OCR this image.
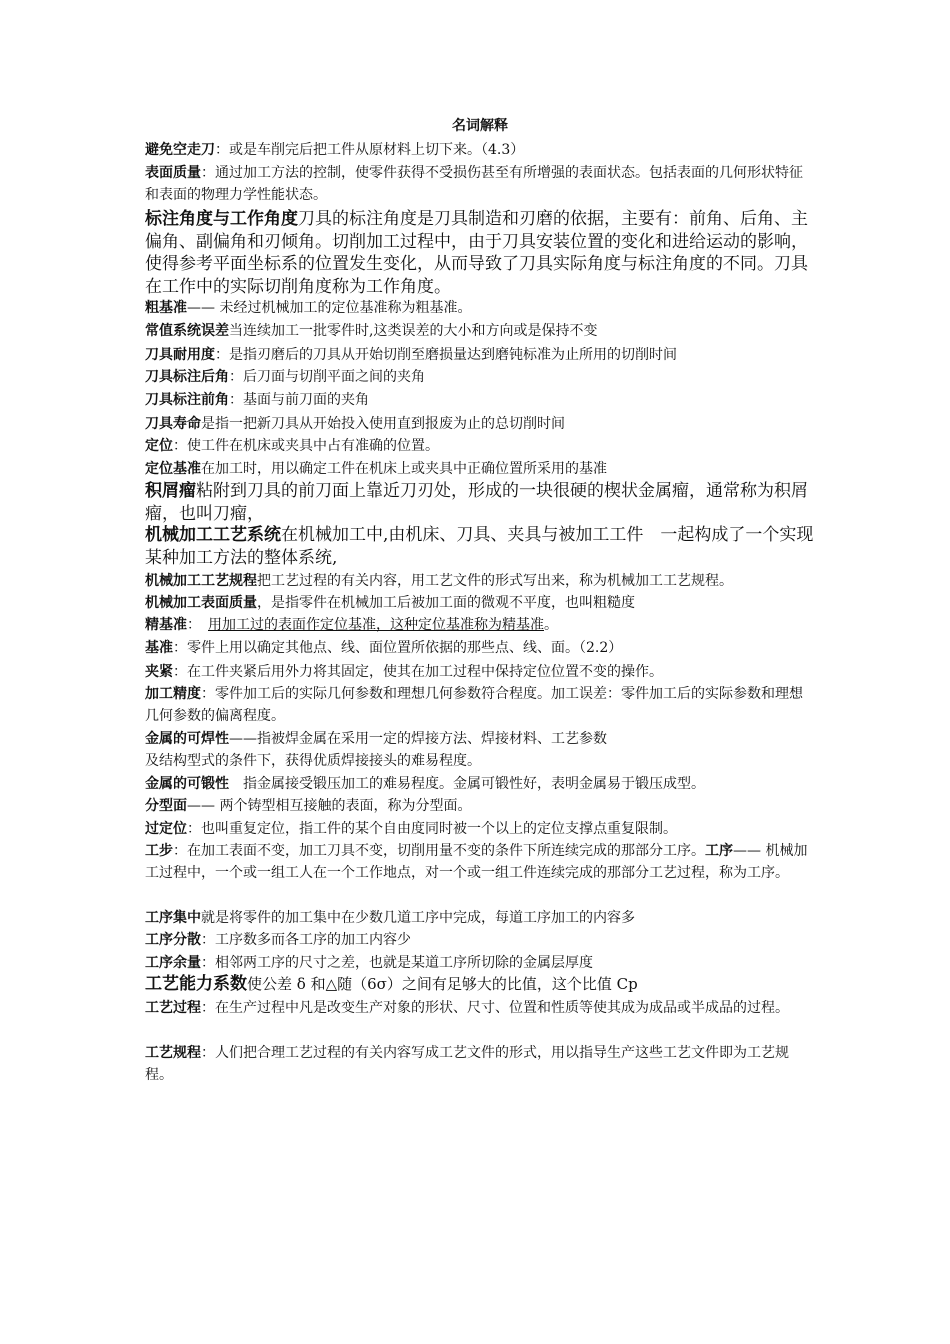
名词解释

避免空走刀：或是车削完后把工件从原材料上切下来。（4.3）

表面质量：通过加工方法的控制，使零件获得不受损伤甚至有所增强的表面状态。包括表面的几何形状特征和表面的物理力学性能状态。

标注角度与工作角度刀具的标注角度是刀具制造和刃磨的依据，主要有：前角、后角、主偏角、副偏角和刃倾角。切削加工过程中，由于刀具安装位置的变化和进给运动的影响，使得参考平面坐标系的位置发生变化，从而导致了刀具实际角度与标注角度的不同。刀具在工作中的实际切削角度称为工作角度。

粗基准—— 未经过机械加工的定位基准称为粗基准。

常值系统误差当连续加工一批零件时,这类误差的大小和方向或是保持不变

刀具耐用度：是指刃磨后的刀具从开始切削至磨损量达到磨钝标准为止所用的切削时间

刀具标注后角：后刀面与切削平面之间的夹角

刀具标注前角：基面与前刀面的夹角

刀具寿命是指一把新刀具从开始投入使用直到报废为止的总切削时间

定位：使工件在机床或夹具中占有准确的位置。

定位基准在加工时，用以确定工件在机床上或夹具中正确位置所采用的基准

积屑瘤粘附到刀具的前刀面上靠近刀刃处，形成的一块很硬的楔状金属瘤，通常称为积屑瘤，也叫刀瘤，

机械加工工艺系统在机械加工中,由机床、刀具、夹具与被加工工件　一起构成了一个实现某种加工方法的整体系统,

机械加工工艺规程把工艺过程的有关内容，用工艺文件的形式写出来，称为机械加工工艺规程。

机械加工表面质量，是指零件在机械加工后被加工面的微观不平度，也叫粗糙度

精基准：　用加工过的表面作定位基准，这种定位基准称为精基准。

基准：零件上用以确定其他点、线、面位置所依据的那些点、线、面。（2.2）

夹紧：在工件夹紧后用外力将其固定，使其在加工过程中保持定位位置不变的操作。

加工精度：零件加工后的实际几何参数和理想几何参数符合程度。加工误差：零件加工后的实际参数和理想几何参数的偏离程度。

金属的可焊性——指被焊金属在采用一定的焊接方法、焊接材料、工艺参数

及结构型式的条件下，获得优质焊接接头的难易程度。

金属的可锻性　指金属接受锻压加工的难易程度。金属可锻性好，表明金属易于锻压成型。

分型面—— 两个铸型相互接触的表面，称为分型面。

过定位：也叫重复定位，指工件的某个自由度同时被一个以上的定位支撑点重复限制。

工步：在加工表面不变，加工刀具不变，切削用量不变的条件下所连续完成的那部分工序。工序—— 机械加工过程中，一个或一组工人在一个工作地点，对一个或一组工件连续完成的那部分工艺过程，称为工序。

工序集中就是将零件的加工集中在少数几道工序中完成，每道工序加工的内容多

工序分散：工序数多而各工序的加工内容少

工序余量：相邻两工序的尺寸之差，也就是某道工序所切除的金属层厚度

工艺能力系数使公差 δ 和△随（6σ）之间有足够大的比值，这个比值 Cp

工艺过程：在生产过程中凡是改变生产对象的形状、尺寸、位置和性质等使其成为成品或半成品的过程。

工艺规程：人们把合理工艺过程的有关内容写成工艺文件的形式，用以指导生产这些工艺文件即为工艺规程。
